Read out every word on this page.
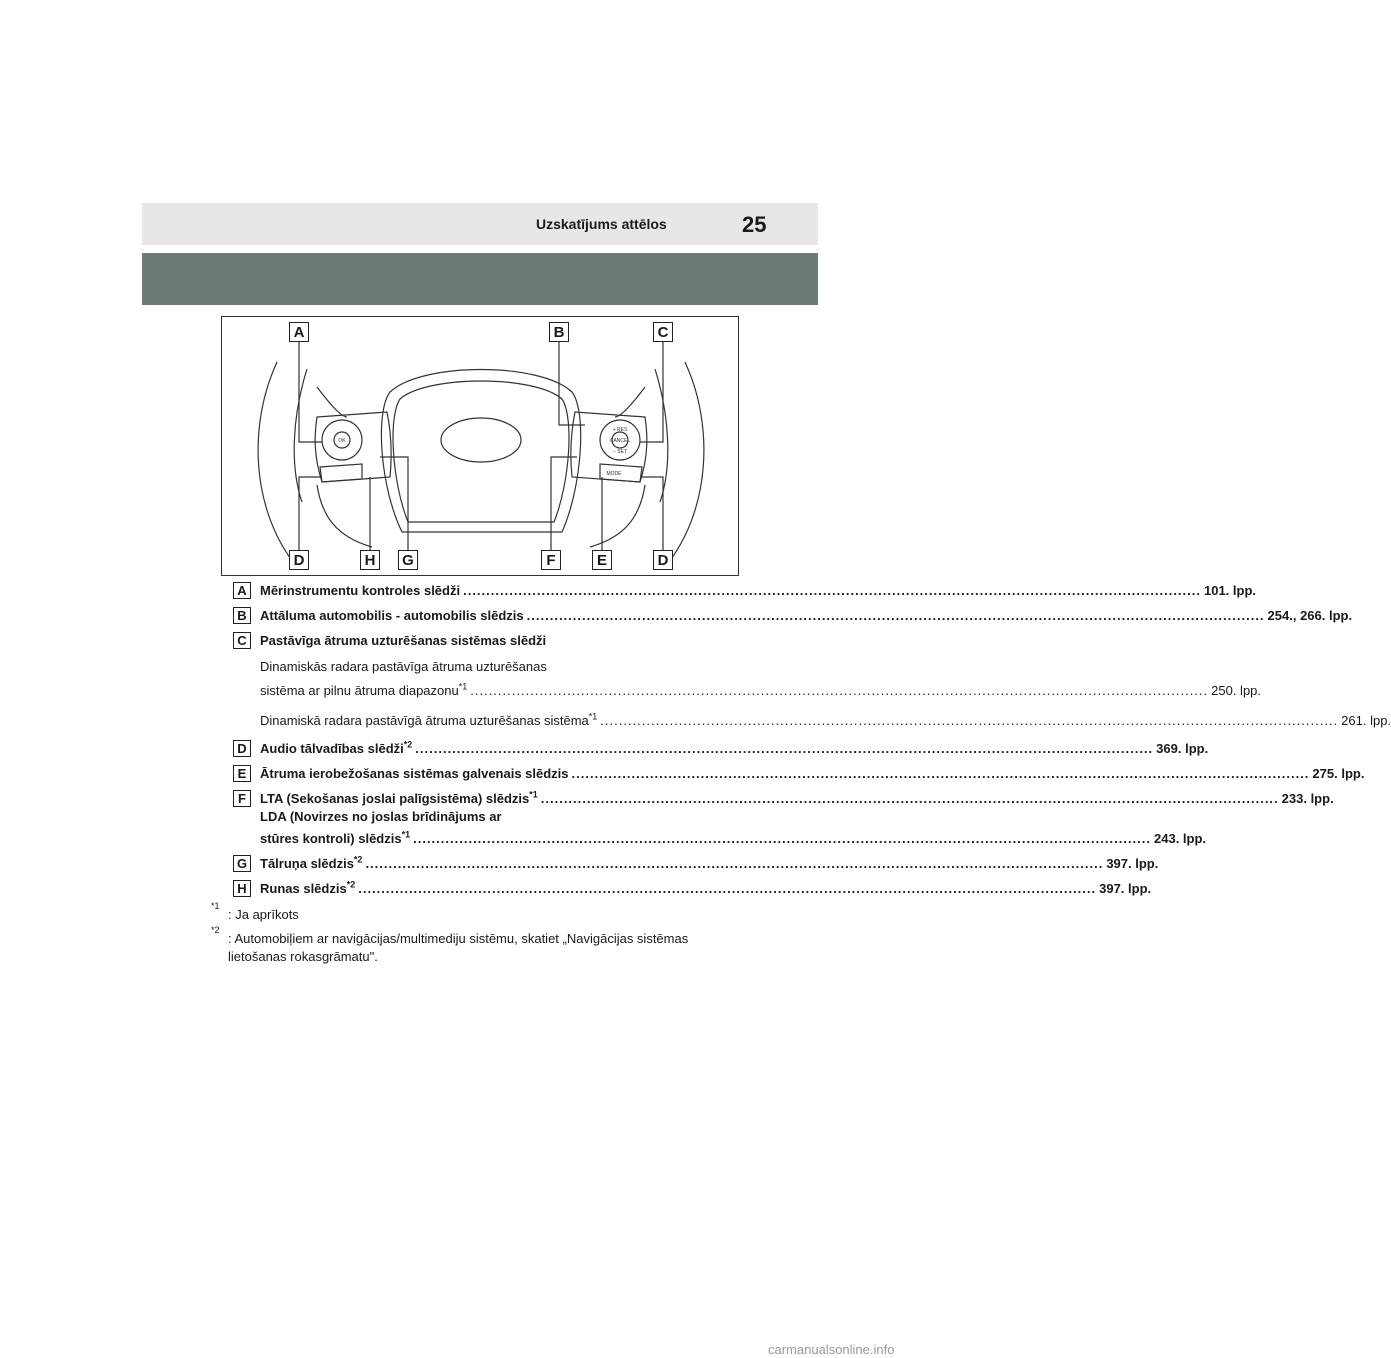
Uzskatījums attēlos	25
OK
+ RES
CANCEL
− SET
MODE
A	B	C
D	H	G	F	E	D
A	Mērinstrumentu kontroles slēdži .....	101. lpp.
B	Attāluma automobilis - automobilis slēdzis .....	254., 266. lpp.
C	Pastāvīga ātruma uzturēšanas sistēmas slēdži
Dinamiskās radara pastāvīga ātruma uzturēšanas
sistēma ar pilnu ātruma diapazonu$^{*1}$ .....	250. lpp.
Dinamiskā radara pastāvīgā ātruma uzturēšanas sistēma$^{*1}$ .....	261. lpp.
D	Audio tālvadības slēdži$^{*2}$ .....	369. lpp.
E	Ātruma ierobežošanas sistēmas galvenais slēdzis .....	275. lpp.
F	LTA (Sekošanas joslai palīgsistēma) slēdzis$^{*1}$ .....	233. lpp.
LDA (Novirzes no joslas brīdinājums ar
stūres kontroli) slēdzis$^{*1}$ .....	243. lpp.
G Tālruņa slēdzis$^{*2}$ .....	397. lpp.
H	Runas slēdzis$^{*2}$ .....	397. lpp.
*1
: Ja aprīkots
*2
: Automobiļiem ar navigācijas/multimediju sistēmu, skatiet „Navigācijas sistēmas lietošanas rokasgrāmatu".
carmanualsonline.info
